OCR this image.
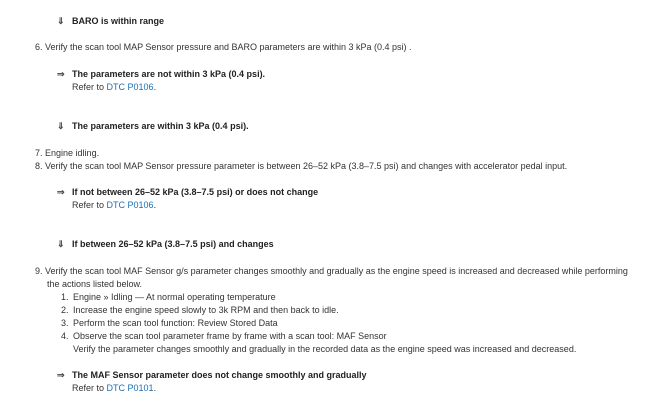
⇓ BARO is within range
6. Verify the scan tool MAP Sensor pressure and BARO parameters are within 3 kPa (0.4 psi) .
⇒ The parameters are not within 3 kPa (0.4 psi).
Refer to DTC P0106.
⇓ The parameters are within 3 kPa (0.4 psi).
7. Engine idling.
8. Verify the scan tool MAP Sensor pressure parameter is between 26–52 kPa (3.8–7.5 psi) and changes with accelerator pedal input.
⇒ If not between 26–52 kPa (3.8–7.5 psi) or does not change
Refer to DTC P0106.
⇓ If between 26–52 kPa (3.8–7.5 psi) and changes
9. Verify the scan tool MAF Sensor g/s parameter changes smoothly and gradually as the engine speed is increased and decreased while performing
the actions listed below.
1. Engine » Idling — At normal operating temperature
2. Increase the engine speed slowly to 3k RPM and then back to idle.
3. Perform the scan tool function: Review Stored Data
4. Observe the scan tool parameter frame by frame with a scan tool: MAF Sensor
Verify the parameter changes smoothly and gradually in the recorded data as the engine speed was increased and decreased.
⇒ The MAF Sensor parameter does not change smoothly and gradually
Refer to DTC P0101.
